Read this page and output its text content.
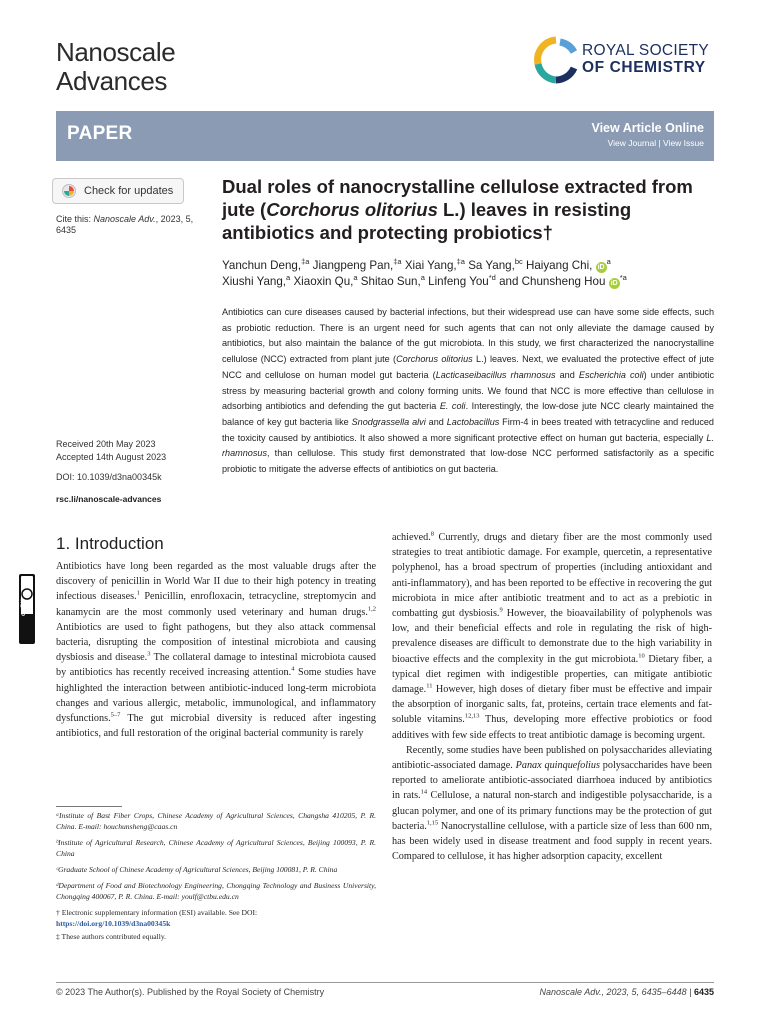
Nanoscale
Advances
ROYAL SOCIETY
OF CHEMISTRY
PAPER	View Article Online
View Journal | View Issue
Check for updates
Cite this: Nanoscale Adv., 2023, 5, 6435
Received 20th May 2023
Accepted 14th August 2023
DOI: 10.1039/d3na00345k
rsc.li/nanoscale-advances
Dual roles of nanocrystalline cellulose extracted from jute (Corchorus olitorius L.) leaves in resisting antibiotics and protecting probiotics†
Yanchun Deng,$^{\ddagger a}$ Jiangpeng Pan,$^{\ddagger a}$ Xiai Yang,$^{\ddagger a}$ Sa Yang,$^{bc}$ Haiyang Chi, $iD^a$
Xiushi Yang,$^a$ Xiaoxin Qu,$^a$ Shitao Sun,$^a$ Linfeng You$^{*d}$ and Chunsheng Hou $iD^{*a}$
Antibiotics can cure diseases caused by bacterial infections, but their widespread use can have some side effects, such as probiotic reduction. There is an urgent need for such agents that can not only alleviate the damage caused by antibiotics, but also maintain the balance of the gut microbiota. In this study, we first characterized the nanocrystalline cellulose (NCC) extracted from plant jute (Corchorus olitorius L.) leaves. Next, we evaluated the protective effect of jute NCC and cellulose on human model gut bacteria (Lacticaseibacillus rhamnosus and Escherichia coli) under antibiotic stress by measuring bacterial growth and colony forming units. We found that NCC is more effective than cellulose in adsorbing antibiotics and defending the gut bacteria E. coli. Interestingly, the low-dose jute NCC clearly maintained the balance of key gut bacteria like Snodgrassella alvi and Lactobacillus Firm-4 in bees treated with tetracycline and reduced the toxicity caused by antibiotics. It also showed a more significant protective effect on human gut bacteria, especially L. rhamnosus, than cellulose. This study first demonstrated that low-dose NCC performed satisfactorily as a specific probiotic to mitigate the adverse effects of antibiotics on gut bacteria.
cc BY
1. Introduction

Antibiotics have long been regarded as the most valuable drugs after the discovery of penicillin in World War II due to their high potency in treating infectious diseases.$^1$ Penicillin, enrofloxacin, tetracycline, streptomycin and kanamycin are the most commonly used veterinary and human drugs.$^{1,2}$ Antibiotics are used to fight pathogens, but they also attack commensal bacteria, disrupting the composition of intestinal microbiota and causing dysbiosis and disease.$^3$ The collateral damage to intestinal microbiota caused by antibiotics has recently received increasing attention.$^4$ Some studies have highlighted the interaction between antibiotic-induced long-term microbiota changes and various allergic, metabolic, immunological, and inflammatory dysfunctions.$^{5-7}$ The gut microbial diversity is reduced after ingesting antibiotics, and full restoration of the original bacterial community is rarely

achieved.$^8$ Currently, drugs and dietary fiber are the most commonly used strategies to treat antibiotic damage. For example, quercetin, a representative polyphenol, has a broad spectrum of properties (including antioxidant and anti-inflammatory), and has been reported to be effective in recovering the gut microbiota in mice after antibiotic treatment and to act as a prebiotic in combatting gut dysbiosis.$^9$ However, the bioavailability of polyphenols was low, and their beneficial effects and role in regulating the risk of high-prevalence diseases are difficult to demonstrate due to the high variability in bioactive effects and the complexity in the gut microbiota.$^{10}$ Dietary fiber, a typical diet regimen with indigestible properties, can mitigate antibiotic damage.$^{11}$ However, high doses of dietary fiber must be effective and impair the absorption of inorganic salts, fat, proteins, certain trace elements and fat-soluble vitamins.$^{12,13}$ Thus, developing more effective probiotics or food additives with few side effects to treat antibiotic damage is becoming urgent.

Recently, some studies have been published on polysaccharides alleviating antibiotic-associated damage. Panax quinquefolius polysaccharides have been reported to ameliorate antibiotic-associated diarrhoea induced by antibiotics in rats.$^{14}$ Cellulose, a natural non-starch and indigestible polysaccharide, is a glucan polymer, and one of its primary functions may be the protection of gut bacteria.$^{1,15}$ Nanocrystalline cellulose, with a particle size of less than 600 nm, has been widely used in disease treatment and food supply in recent years. Compared to cellulose, it has higher adsorption capacity, excellent

ᵃInstitute of Bast Fiber Crops, Chinese Academy of Agricultural Sciences, Changsha 410205, P. R. China. E-mail: houchunsheng@caas.cn

ᵇInstitute of Agricultural Research, Chinese Academy of Agricultural Sciences, Beijing 100093, P. R. China

ᶜGraduate School of Chinese Academy of Agricultural Sciences, Beijing 100081, P. R. China

ᵈDepartment of Food and Biotechnology Engineering, Chongqing Technology and Business University, Chongqing 400067, P. R. China. E-mail: youlf@ctbu.edu.cn

† Electronic supplementary information (ESI) available. See DOI:
https://doi.org/10.1039/d3na00345k

‡ These authors contributed equally.

© 2023 The Author(s). Published by the Royal Society of Chemistry	Nanoscale Adv., 2023, 5, 6435–6448 | 6435
